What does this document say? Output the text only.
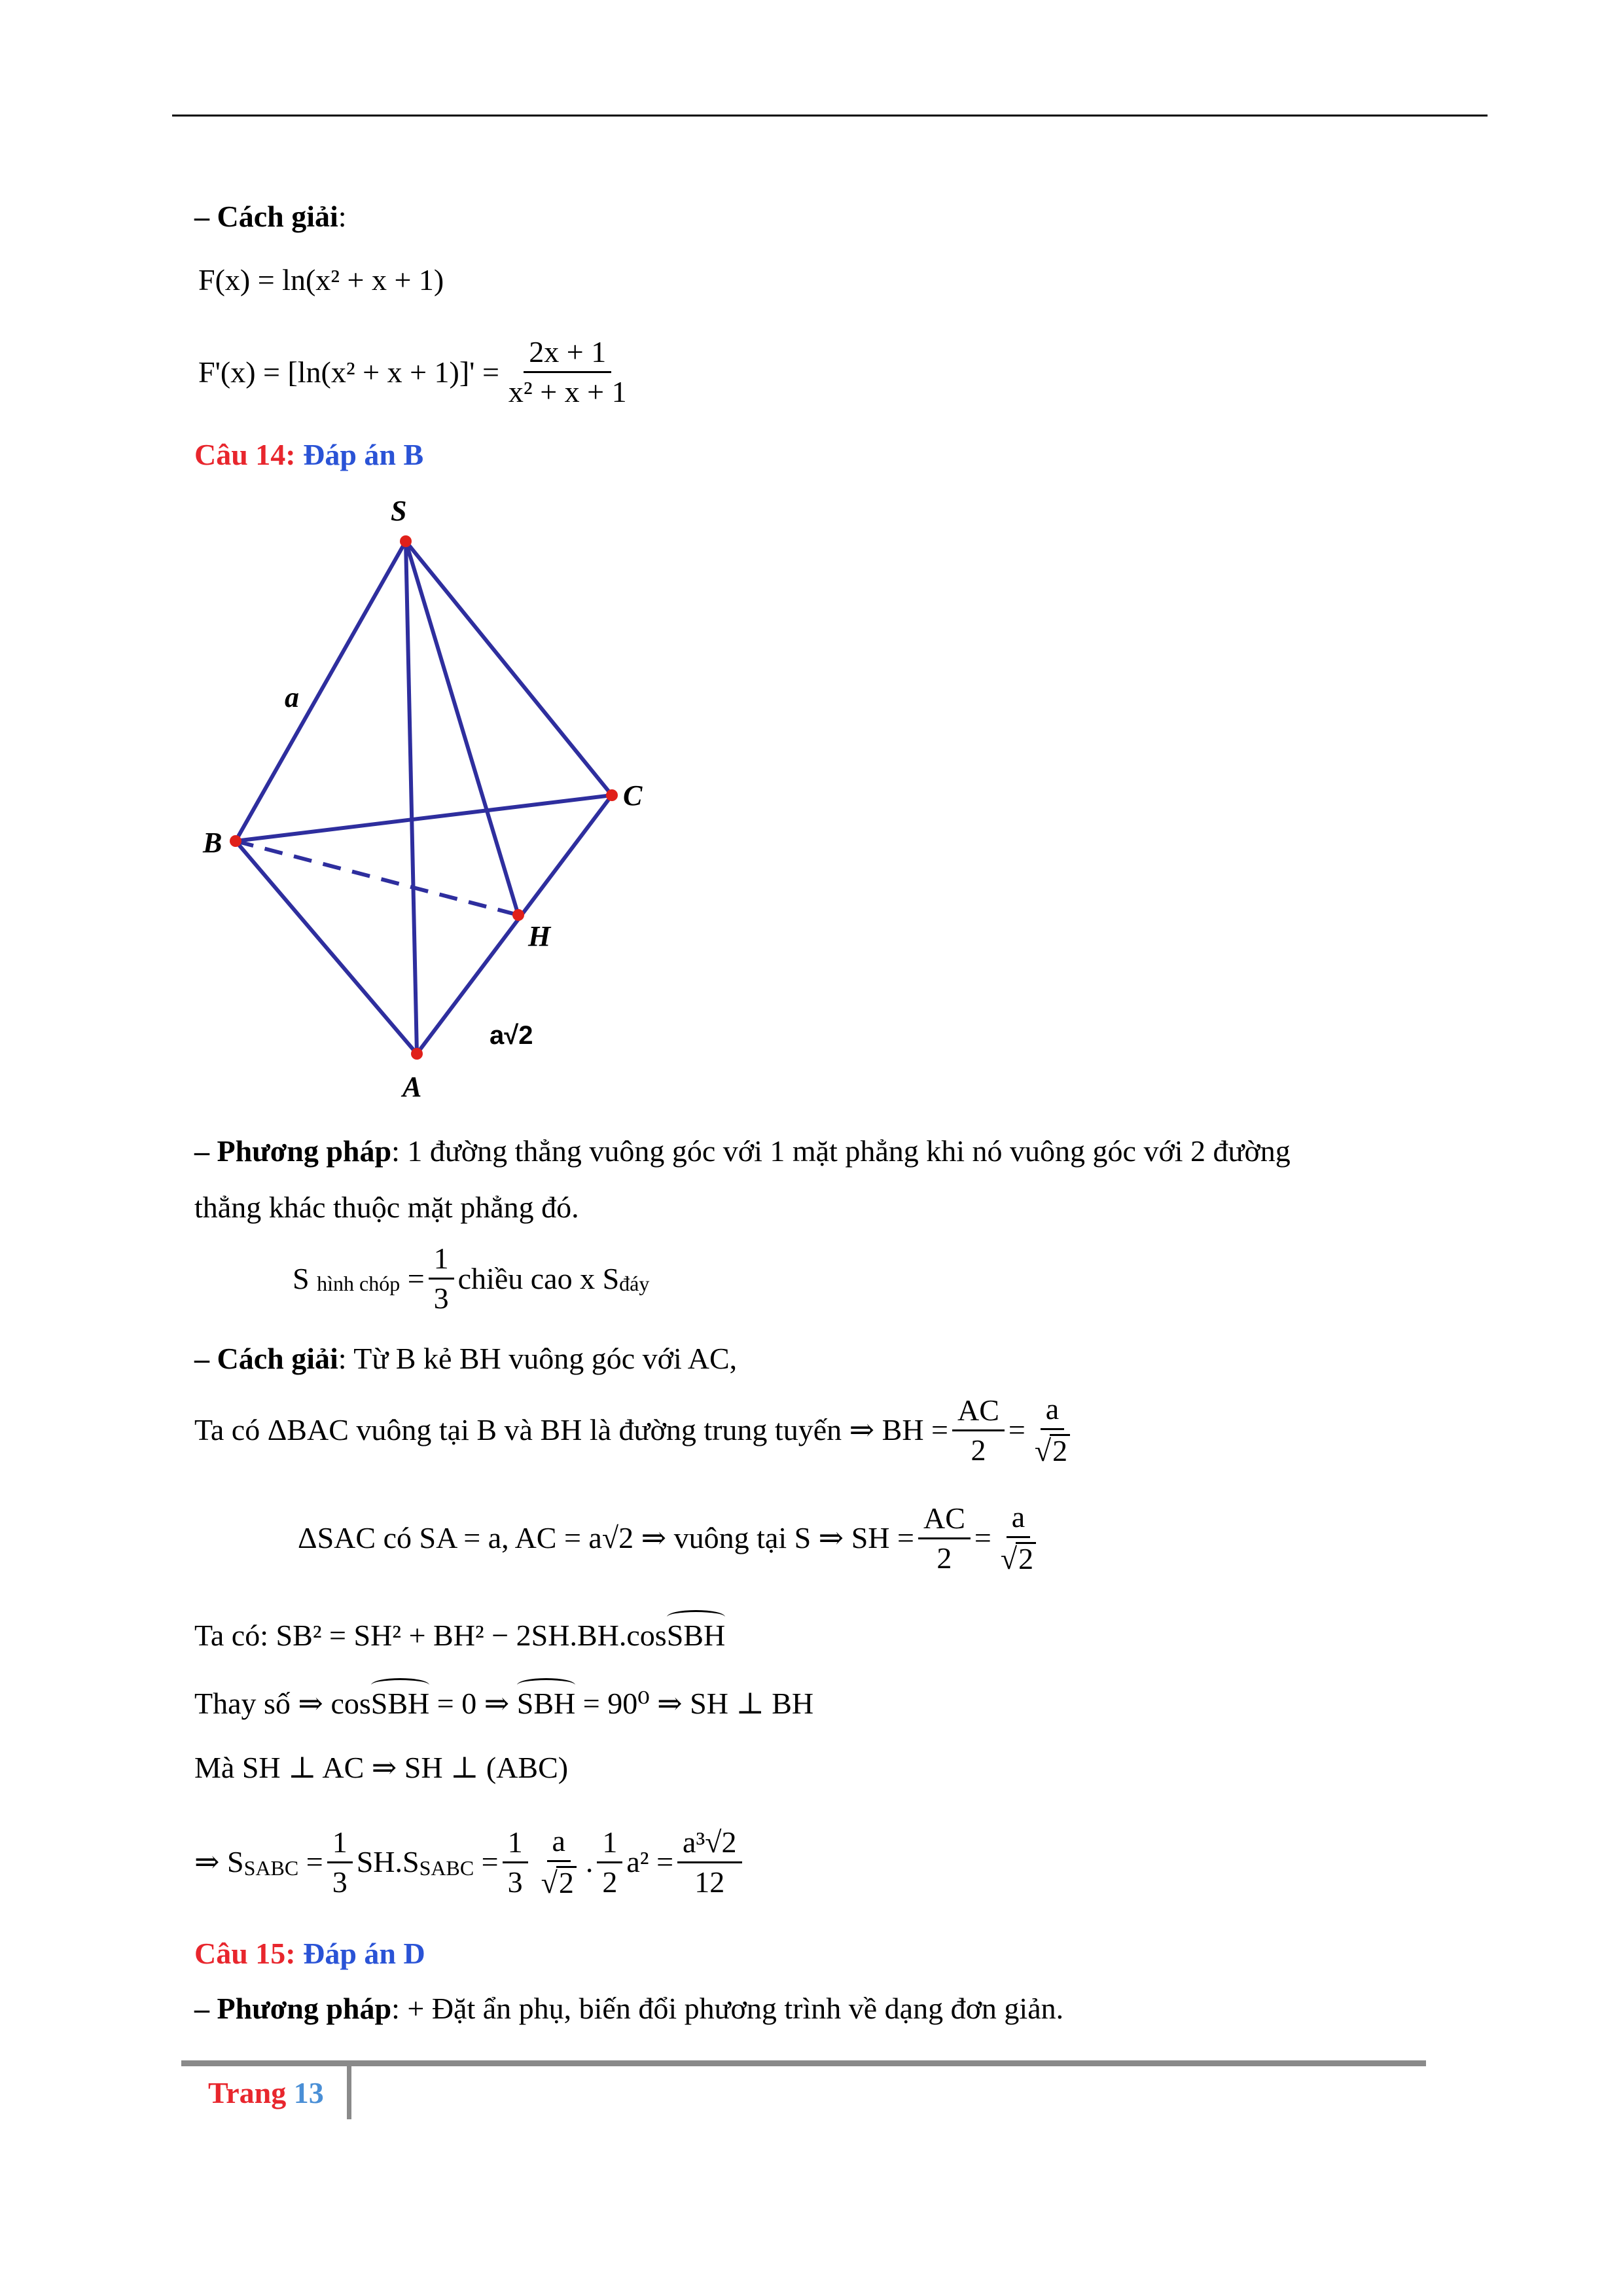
– Cách giải:
F(x) = ln(x² + x + 1)
$F'(x) = [\ln(x^2 + x + 1)]' = \frac{2x + 1}{\text{x² + x + 1}}$
Câu 14: Đáp án B
S
B
C
A
H
a
a√2
– Phương pháp: 1 đường thẳng vuông góc với 1 mặt phẳng khi nó vuông góc với 2 đường
thẳng khác thuộc mặt phẳng đó.
S
hình chóp
= $\frac{1}{3}$ chiều cao x S đáy
– Cách giải: Từ B kẻ BH vuông góc với AC,
Ta có ΔBAC vuông tại B và BH là đường trung tuyến ⇒ BH = $\frac{AC}{2} = \frac{a}{√2}$
ΔSAC có SA = a, AC = a√2 ⇒ vuông tại S ⇒ SH = $\frac{AC}{2} = \frac{a}{√2}$
Ta có: SB² = SH² + BH² − 2SH.BH.cosSBH
Thay số ⇒ cosSBH = 0 ⇒ SBH = 90⁰ ⇒ SH ⊥ BH
Mà SH ⊥ AC ⇒ SH ⊥ (ABC)
⇒ S SABC
= $\frac{1}{3} SH.S$ SABC
= $\frac{1}{3} \frac{a}{√2}$ . $\frac{1}{2} a^2 = \frac{\text{a³√2}}{12}$
Câu 15: Đáp án D
– Phương pháp: + Đặt ẩn phụ, biến đổi phương trình về dạng đơn giản.
Trang 13
